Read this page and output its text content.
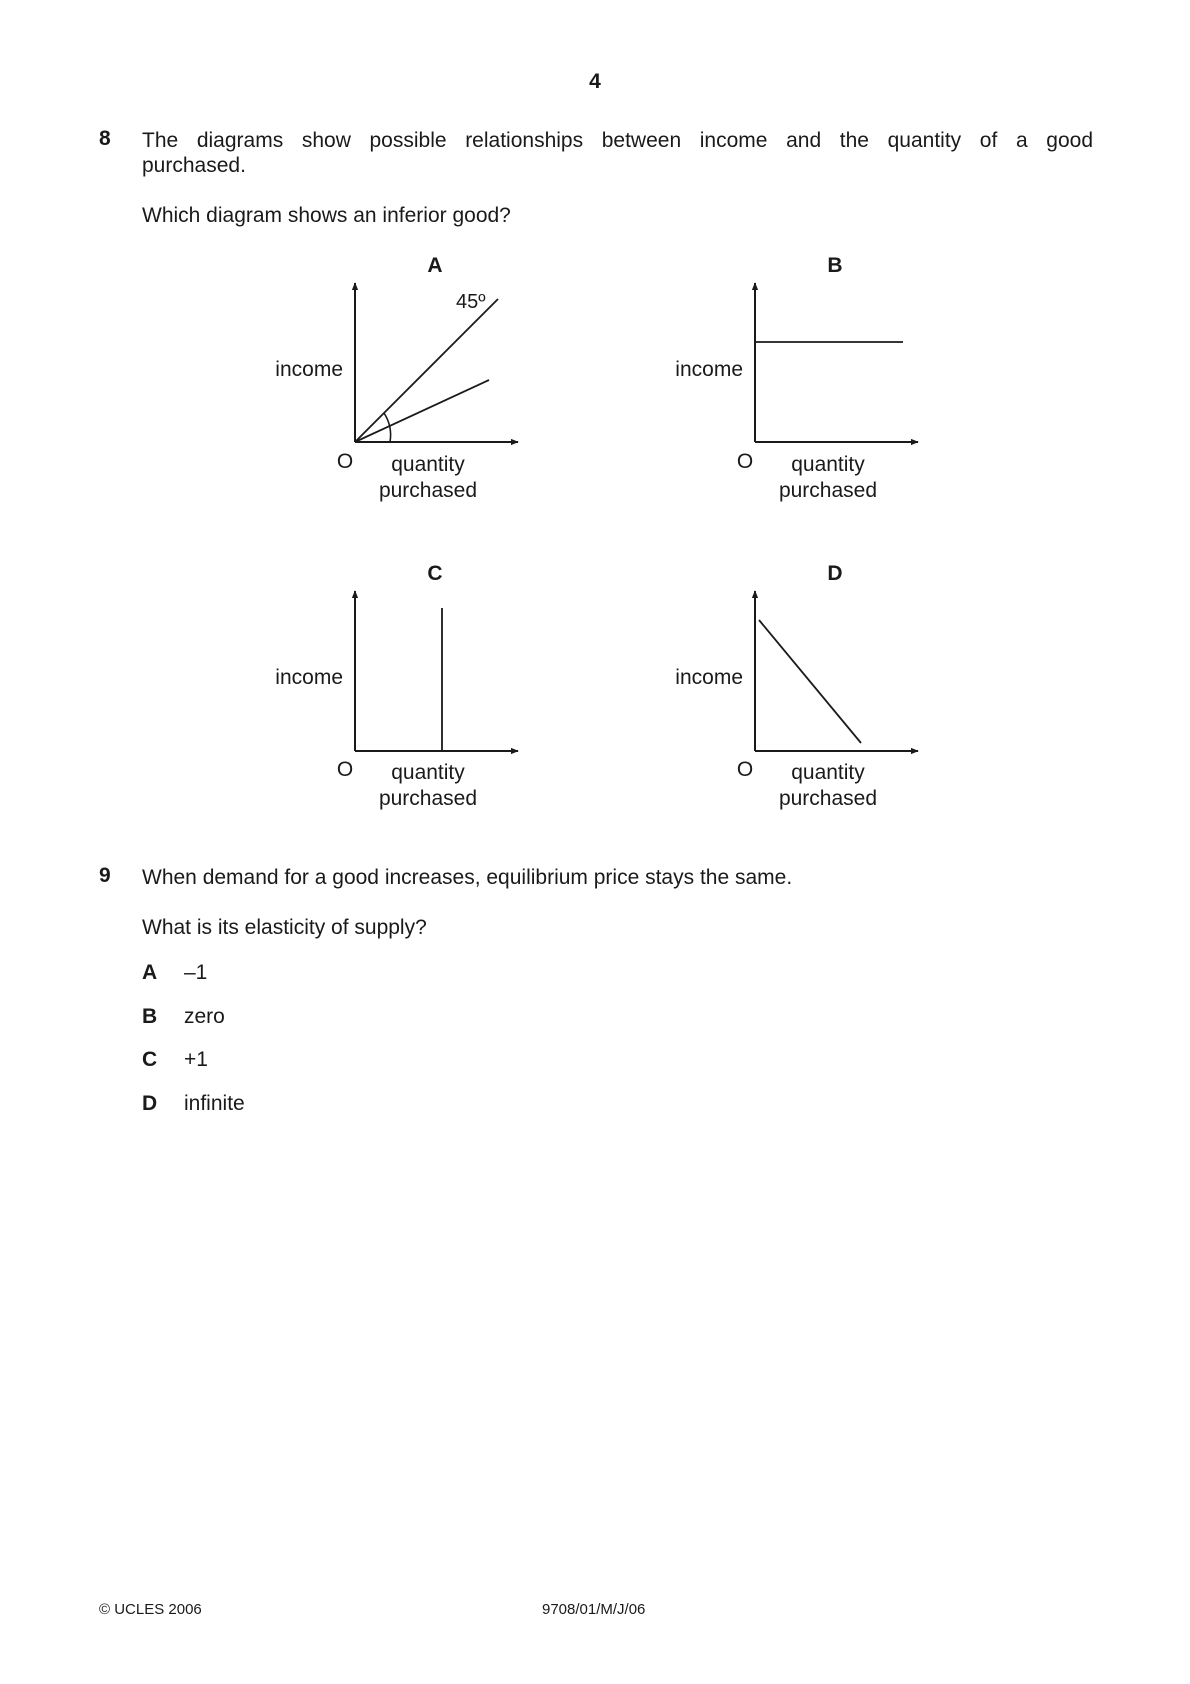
4
8 The diagrams show possible relationships between income and the quantity of a good
purchased.
Which diagram shows an inferior good?
A
45º
income
O quantity
purchased
B
income
O quantity
purchased
C
income
O quantity
purchased
D
income
O quantity
purchased
9 When demand for a good increases, equilibrium price stays the same.
What is its elasticity of supply?
A –1
B zero
C +1
D infinite
© UCLES 2006	9708/01/M/J/06
